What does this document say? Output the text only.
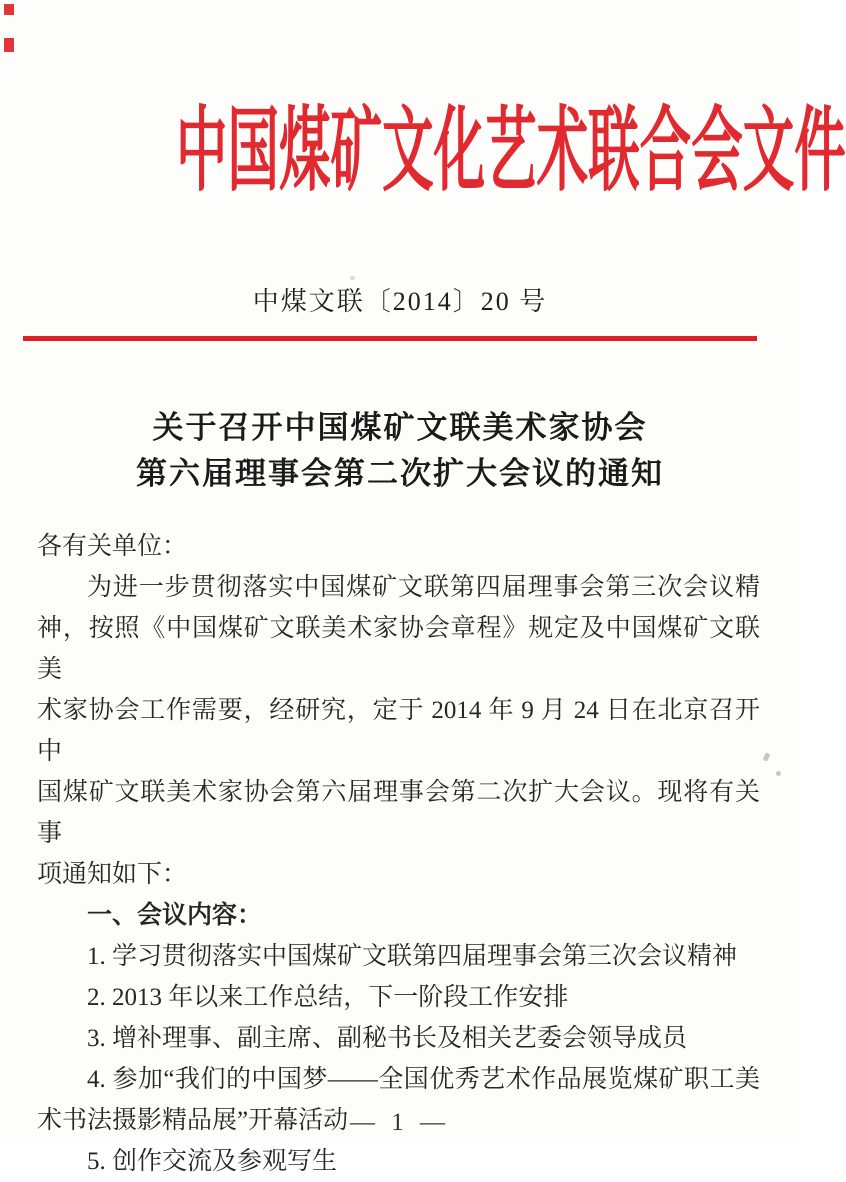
中国煤矿文化艺术联合会文件
中煤文联〔2014〕20 号
关于召开中国煤矿文联美术家协会
第六届理事会第二次扩大会议的通知
各有关单位：
为进一步贯彻落实中国煤矿文联第四届理事会第三次会议精
神，按照《中国煤矿文联美术家协会章程》规定及中国煤矿文联美
术家协会工作需要，经研究，定于 2014 年 9 月 24 日在北京召开中
国煤矿文联美术家协会第六届理事会第二次扩大会议。现将有关事
项通知如下：
一、会议内容：
1. 学习贯彻落实中国煤矿文联第四届理事会第三次会议精神
2. 2013 年以来工作总结，下一阶段工作安排
3. 增补理事、副主席、副秘书长及相关艺委会领导成员
4. 参加“我们的中国梦——全国优秀艺术作品展览煤矿职工美
术书法摄影精品展”开幕活动
5. 创作交流及参观写生
— 1 —
